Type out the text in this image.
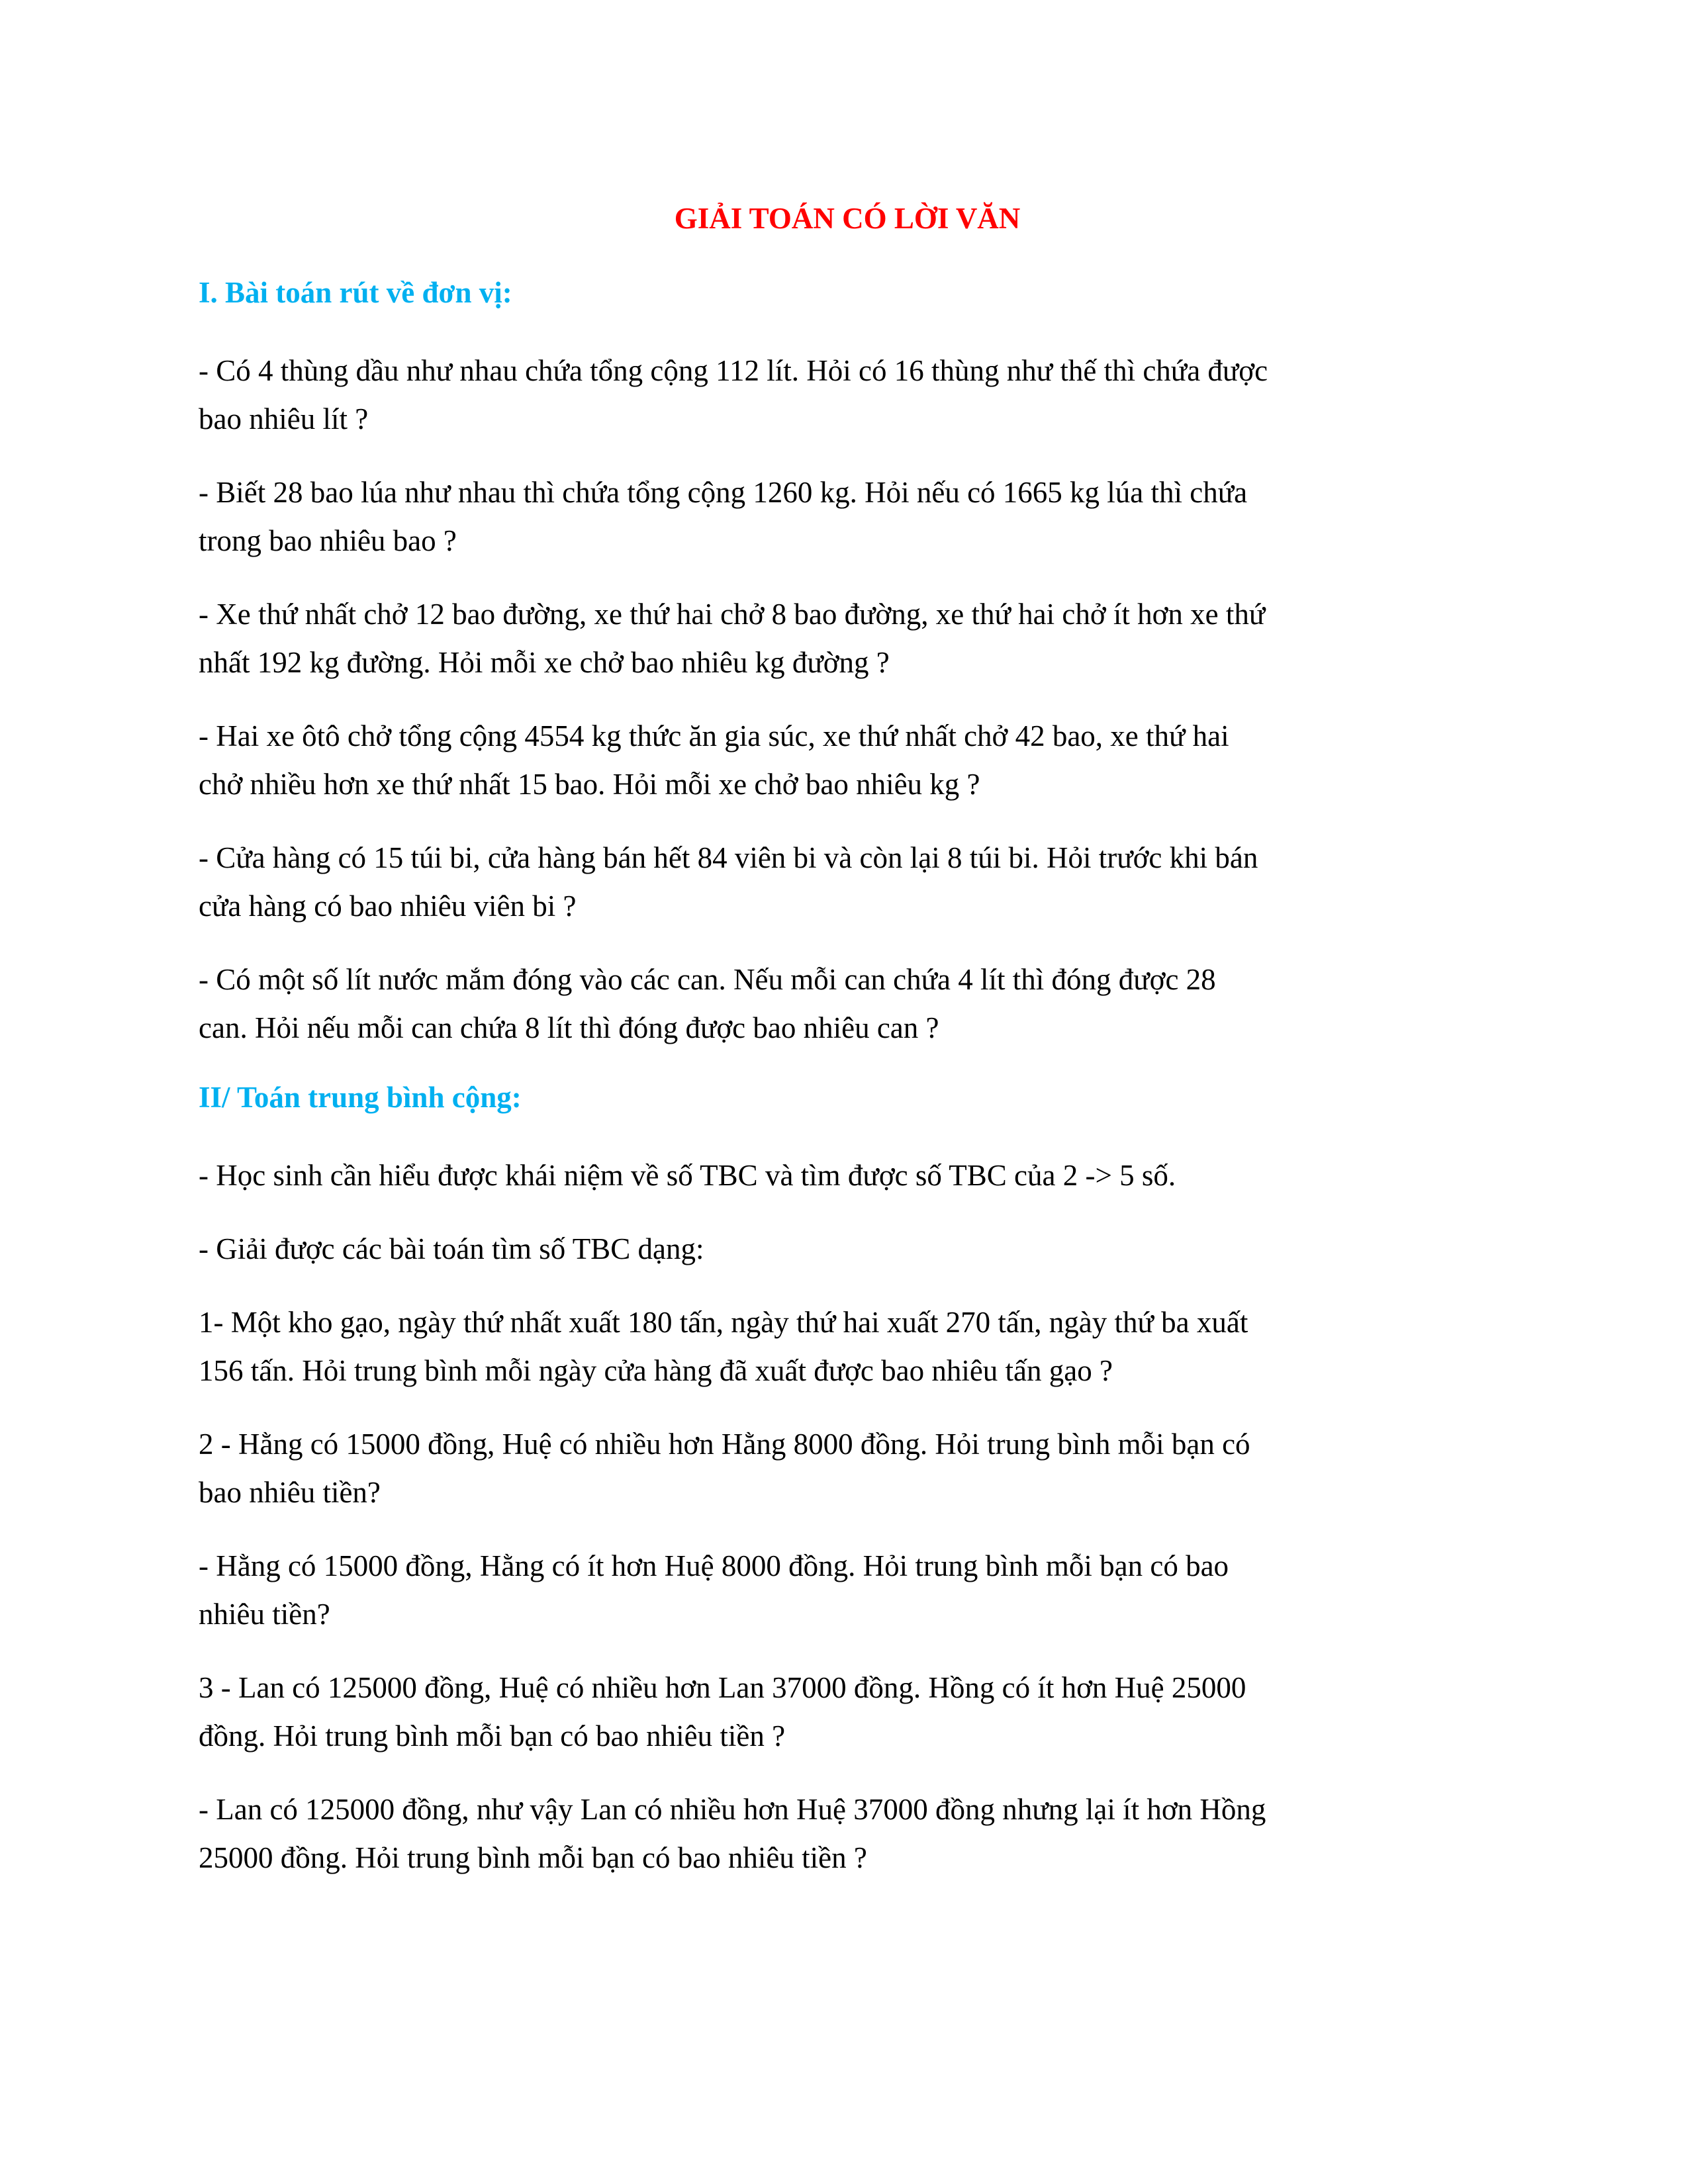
GIẢI TOÁN CÓ LỜI VĂN
I. Bài toán rút về đơn vị:
- Có 4 thùng dầu như nhau chứa tổng cộng 112 lít. Hỏi có 16 thùng như thế thì chứa được
bao nhiêu lít ?
- Biết 28 bao lúa như nhau thì chứa tổng cộng 1260 kg. Hỏi nếu có 1665 kg lúa thì chứa
trong bao nhiêu bao ?
- Xe thứ nhất chở 12 bao đường, xe thứ hai chở 8 bao đường, xe thứ hai chở ít hơn xe thứ
nhất 192 kg đường. Hỏi mỗi xe chở bao nhiêu kg đường ?
- Hai xe ôtô chở tổng cộng 4554 kg thức ăn gia súc, xe thứ nhất chở 42 bao, xe thứ hai
chở nhiều hơn xe thứ nhất 15 bao. Hỏi mỗi xe chở bao nhiêu kg ?
- Cửa hàng có 15 túi bi, cửa hàng bán hết 84 viên bi và còn lại 8 túi bi. Hỏi trước khi bán
cửa hàng có bao nhiêu viên bi ?
- Có một số lít nước mắm đóng vào các can. Nếu mỗi can chứa 4 lít thì đóng được 28
can. Hỏi nếu mỗi can chứa 8 lít thì đóng được bao nhiêu can ?
II/ Toán trung bình cộng:
- Học sinh cần hiểu được khái niệm về số TBC và tìm được số TBC của 2 -> 5 số.
- Giải được các bài toán tìm số TBC dạng:
1- Một kho gạo, ngày thứ nhất xuất 180 tấn, ngày thứ hai xuất 270 tấn, ngày thứ ba xuất
156 tấn. Hỏi trung bình mỗi ngày cửa hàng đã xuất được bao nhiêu tấn gạo ?
2 - Hằng có 15000 đồng, Huệ có nhiều hơn Hằng 8000 đồng. Hỏi trung bình mỗi bạn có
bao nhiêu tiền?
- Hằng có 15000 đồng, Hằng có ít hơn Huệ 8000 đồng. Hỏi trung bình mỗi bạn có bao
nhiêu tiền?
3 - Lan có 125000 đồng, Huệ có nhiều hơn Lan 37000 đồng. Hồng có ít hơn Huệ 25000
đồng. Hỏi trung bình mỗi bạn có bao nhiêu tiền ?
- Lan có 125000 đồng, như vậy Lan có nhiều hơn Huệ 37000 đồng nhưng lại ít hơn Hồng
25000 đồng. Hỏi trung bình mỗi bạn có bao nhiêu tiền ?
